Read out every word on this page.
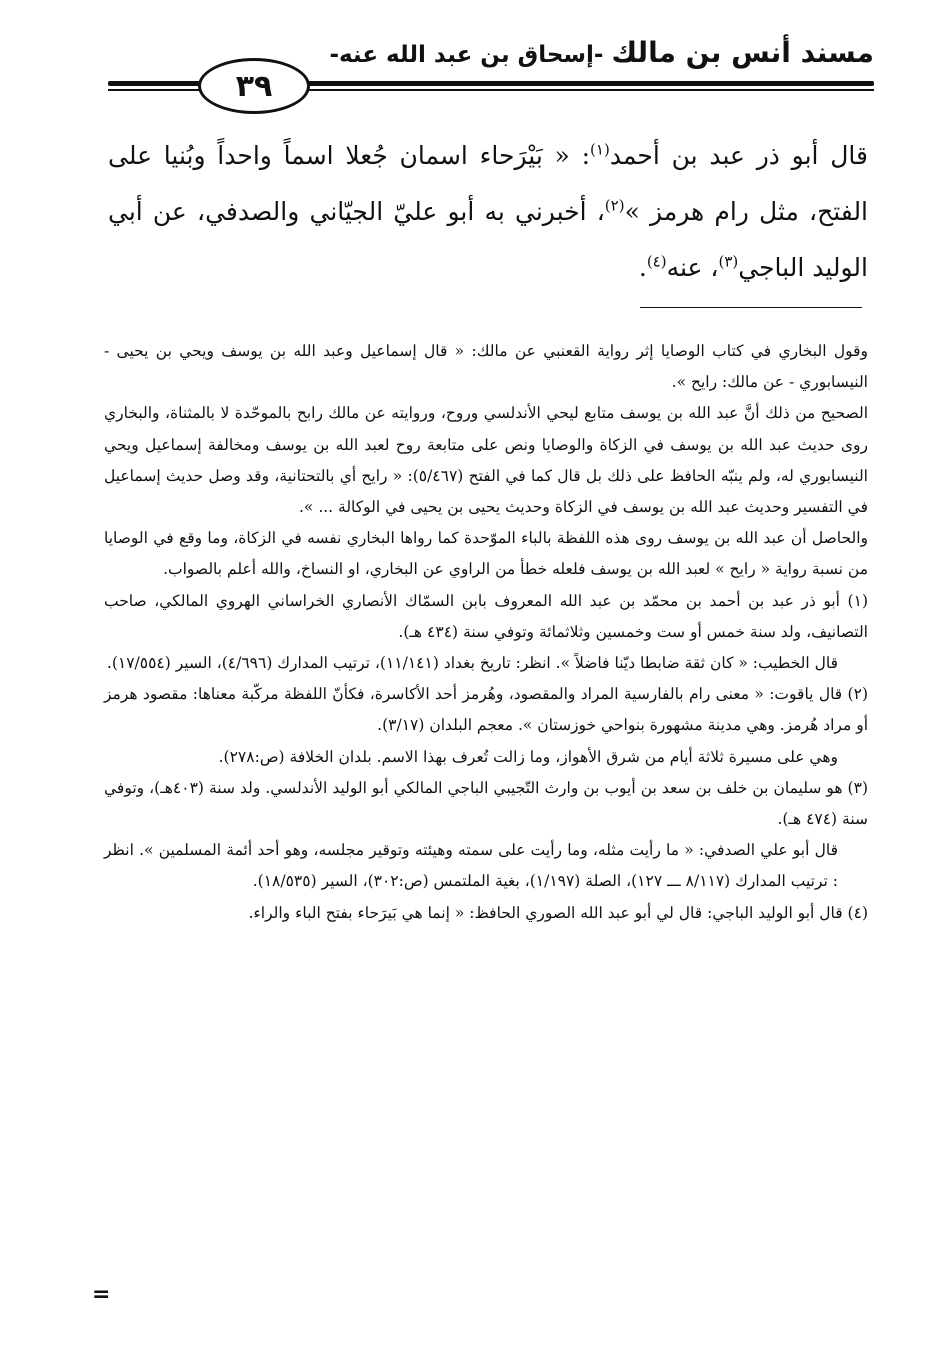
مسند أنس بن مالك -إسحاق بن عبد الله عنه-
٣٩

قال أبو ذر عبد بن أحمد$^{(١)}$: « بَيْرَحاء اسمان جُعلا اسماً واحداً وبُنيا على الفتح، مثل رام هرمز »$^{(٢)}$، أخبرني به أبو عليّ الجيّاني والصدفي، عن أبي الوليد الباجي$^{(٣)}$، عنه$^{(٤)}$.

وقول البخاري في كتاب الوصايا إثر رواية القعنبي عن مالك: « قال إسماعيل وعبد الله بن يوسف ويحي بن يحيى - النيسابوري - عن مالك: رايح ».

الصحيح من ذلك أنَّ عبد الله بن يوسف متابع ليحي الأندلسي وروح، وروايته عن مالك رابح بالموحّدة لا بالمثناة، والبخاري روى حديث عبد الله بن يوسف في الزكاة والوصايا ونص على متابعة روح لعبد الله بن يوسف ومخالفة إسماعيل ويحي النيسابوري له، ولم ينبّه الحافظ على ذلك بل قال كما في الفتح (٥/٤٦٧): « رايح أي بالتحتانية، وقد وصل حديث إسماعيل في التفسير وحديث عبد الله بن يوسف في الزكاة وحديث يحيى بن يحيى في الوكالة ... ».

والحاصل أن عبد الله بن يوسف روى هذه اللفظة بالباء الموّحدة كما رواها البخاري نفسه في الزكاة، وما وقع في الوصايا من نسبة رواية « رايح » لعبد الله بن يوسف فلعله خطأ من الراوي عن البخاري، او النساخ، والله أعلم بالصواب.

(١) أبو ذر عبد بن أحمد بن محمّد بن عبد الله المعروف بابن السمّاك الأنصاري الخراساني الهروي المالكي، صاحب التصانيف، ولد سنة خمس أو ست وخمسين وثلاثمائة وتوفي سنة (٤٣٤ هـ).

قال الخطيب: « كان ثقة ضابطا ديّنا فاضلاً ». انظر: تاريخ بغداد (١١/١٤١)، ترتيب المدارك (٤/٦٩٦)، السير (١٧/٥٥٤).

(٢) قال ياقوت: « معنى رام بالفارسية المراد والمقصود، وهُرمز أحد الأكاسرة، فكأنّ اللفظة مركّبة معناها: مقصود هرمز أو مراد هُرمز. وهي مدينة مشهورة بنواحي خوزستان ». معجم البلدان (٣/١٧).

وهي على مسيرة ثلاثة أيام من شرق الأهواز، وما زالت تُعرف بهذا الاسم. بلدان الخلافة (ص:٢٧٨).

(٣) هو سليمان بن خلف بن سعد بن أيوب بن وارث التّجيبي الباجي المالكي أبو الوليد الأندلسي. ولد سنة (٤٠٣هـ)، وتوفي سنة (٤٧٤ هـ).

قال أبو علي الصدفي: « ما رأيت مثله، وما رأيت على سمته وهيئته وتوقير مجلسه، وهو أحد أئمة المسلمين ». انظر : ترتيب المدارك (٨/١١٧ ـــ ١٢٧)، الصلة (١/١٩٧)، بغية الملتمس (ص:٣٠٢)، السير (١٨/٥٣٥).

(٤) قال أبو الوليد الباجي: قال لي أبو عبد الله الصوري الحافظ: « إنما هي بَيرَحاء بفتح الباء والراء.

=
